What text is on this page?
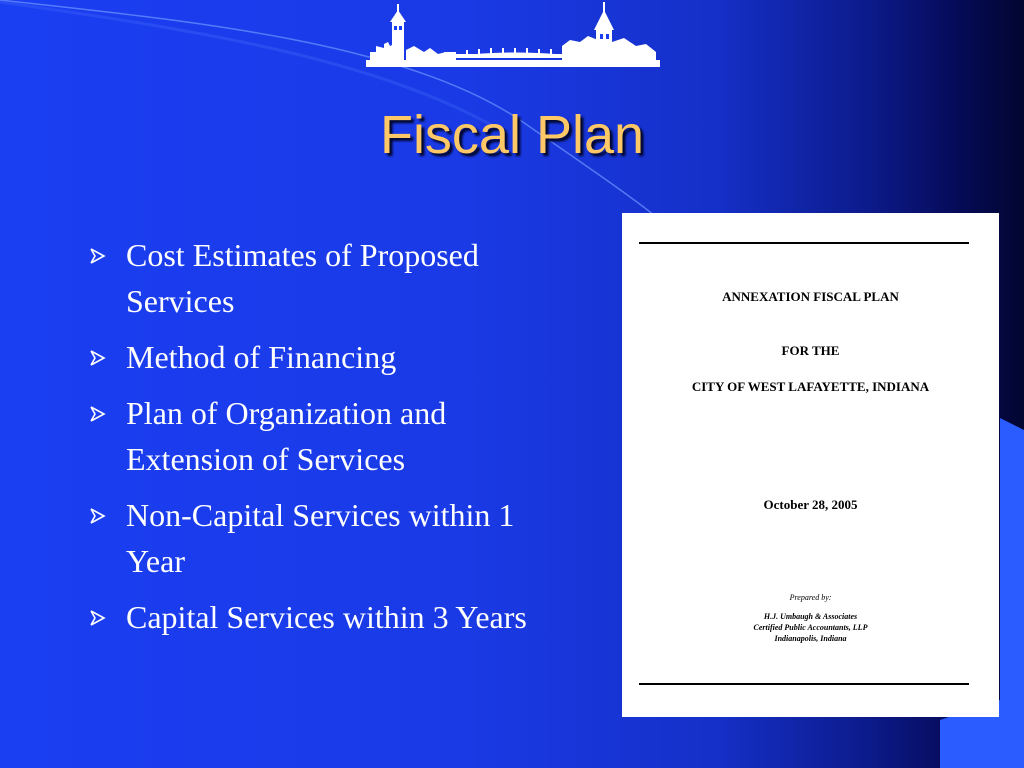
Fiscal Plan
Cost Estimates of Proposed Services
Method of Financing
Plan of Organization and Extension of Services
Non-Capital Services within 1 Year
Capital Services within 3 Years
ANNEXATION FISCAL PLAN
FOR THE
CITY OF WEST LAFAYETTE, INDIANA
October 28, 2005
Prepared by:
H.J. Umbaugh & Associates
Certified Public Accountants, LLP
Indianapolis, Indiana
